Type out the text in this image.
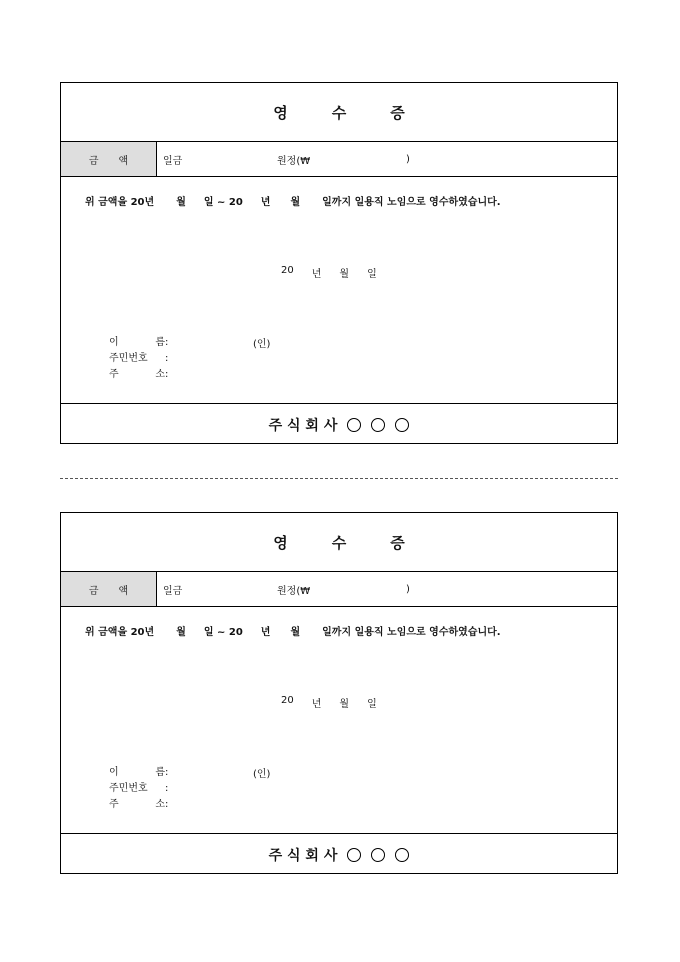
영	수	증
금 액	일금	원정(₩	)
위 금액을 20년 월 일 ~ 20 년 월 일까지 일용직 노임으로 영수하였습니다.
20 년 월 일
이	름 :
주민번호	:
주	소 :
(인)
주 식 회 사
영	수	증
금 액	일금	원정(₩	)
위 금액을 20년 월 일 ~ 20 년 월 일까지 일용직 노임으로 영수하였습니다.
20 년 월 일
이	름 :
주민번호	:
주	소 :
(인)
주 식 회 사
